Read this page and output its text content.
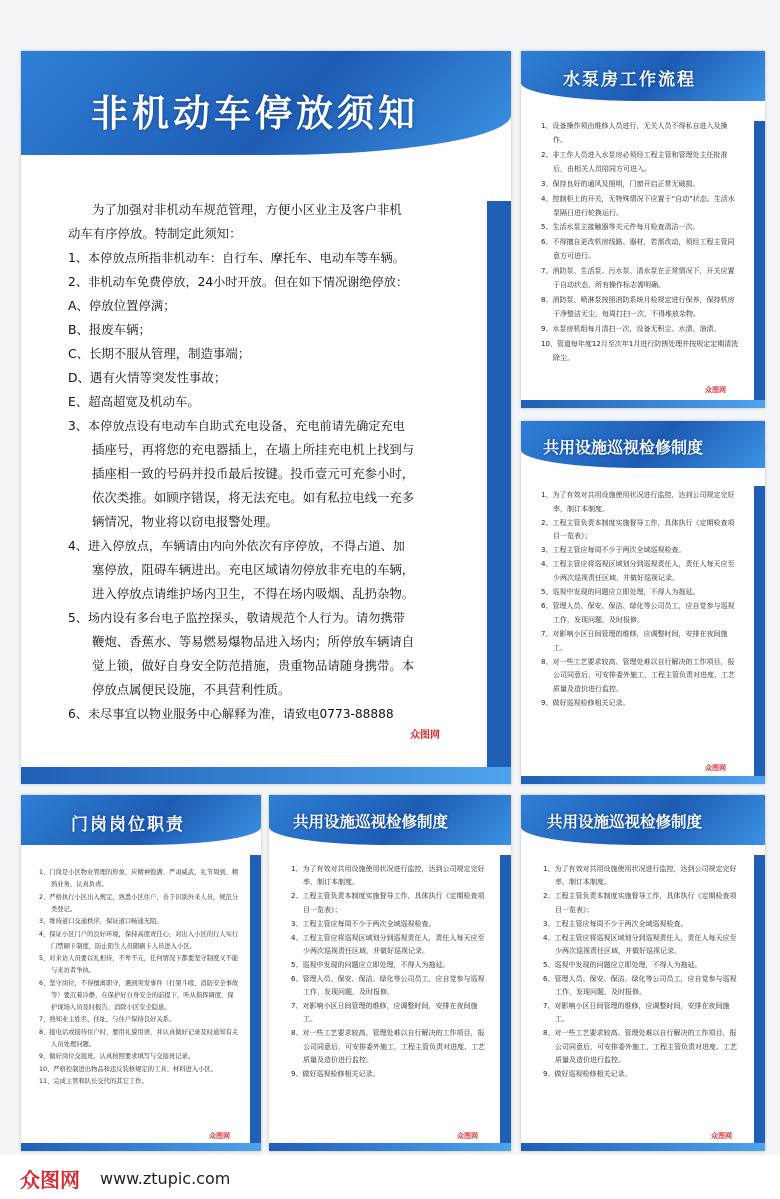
非机动车停放须知

为了加强对非机动车规范管理，方便小区业主及客户非机

动车有序停放。特制定此须知：

1、本停放点所指非机动车：自行车、摩托车、电动车等车辆。

2、非机动车免费停放，24小时开放。但在如下情况谢绝停放：

A、停放位置停满；

B、报废车辆；

C、长期不服从管理，制造事端；

D、遇有火情等突发性事故；

E、超高超宽及机动车。

3、本停放点设有电动车自助式充电设备，充电前请先确定充电

插座号，再将您的充电器插上，在墙上所挂充电机上找到与

插座相一致的号码并投币最后按键。投币壹元可充参小时，

依次类推。如顾序错误，将无法充电。如有私拉电线一充多

辆情况，物业将以窃电报警处理。

4、进入停放点，车辆请由内向外依次有序停放，不得占道、加

塞停放，阻碍车辆进出。充电区域请勿停放非充电的车辆，

进入停放点请维护场内卫生，不得在场内吸烟、乱扔杂物。

5、场内设有多台电子监控探头，敬请规范个人行为。请勿携带

鞭炮、香蕉水、等易燃易爆物品进入场内；所停放车辆请自

觉上锁，做好自身安全防范措施，贵重物品请随身携带。本

停放点属便民设施，不具营利性质。

6、未尽事宜以物业服务中心解释为准，请致电0773-88888

众图网
水泵房工作流程
1、设备操作须由维修人员进行，无关人员不得私自进入及操作。
2、非工作人员进入水泵房必须经工程主管和管理处主任批准后，由相关人员陪同方可进入。
3、保持良好的通风及照明，门窗开启正常无破损。
4、控制柜上的开关，无特殊情况下应置于“自动”状态。生活水泵隔日进行轮换运行。
5、生活水泵主接触器等关元件每月检查清洁一次。
6、不得擅自更改机房线路、器材，若需改动，须经工程主管同意方可进行。
7、消防泵、生活泵、污水泵、清水泵在正常情况下，开关应置于自动状态，所有操作标志需明确。
8、消防泵、喷淋泵按照消防系统月检规定进行保养，保持机房干净整洁无尘，每周打扫一次，不得堆放杂物。
9、水泵房机组每月清扫一次，设备无积尘、水渍、油渍。
10、管道每年度12月至次年1月进行防锈处理并按规定定期清洗除尘。
众图网
共用设施巡视检修制度
1、为了有效对共用设施使用状况进行监控，达到公司规定完好率，制订本制度。
2、工程主管负责本制度实施督导工作，具体执行《定期检查项目一览表》；
3、工程主管应每周不少于两次全域巡视检查。
4、工程主管应将巡视区域划分到巡视责任人，责任人每天应至少两次巡视责任区域，并做好巡视记录。
5、巡视中发现的问题应立即处理，不得人为拖延。
6、管理人员、保安、保洁、绿化等公司员工，应自觉参与巡视工作，发现问题，及时报修。
7、对影响小区日间管理的维修，应调整时间，安排在夜间施工。
8、对一些工艺要求较高、管理处难以自行解决的工作项目，报公司同意后，可安排委外施工，工程主管负责对进度、工艺质量及造价进行监控。
9、做好巡视检修相关记录。
众图网
门岗岗位职责
1、门岗是小区物业管理的形象，应精神饱满、严肃威武、礼节周到、精熟业务，认真负责。
2、严格执行小区出入规定，熟悉小区住户，善于识别外来人员，规范分类登记。
3、维持道口交通秩序，保证道口畅通无阻。
4、保证小区门户的良好环境，保持高度责任心，对出入小区的行人实行门禁刷卡制度，防止陌生人员随刷卡人员进入小区。
5、对来访人员要以礼相待，不卑不亢，任何情况下都要坚守制度又不能与来访者争执。
6、坚守岗位，不得擅离职守，遇到突发事件（打架斗殴、消防安全事故等）要沉着冷静，在保护好自身安全的前提下，听从指挥调度，保护现场人员及时报告、消除小区安全隐患。
7、熟知业主姓名、住址，与住户保持良好关系。
8、接电话或接待住户时，要用礼貌用语，并认真做好记录及时通知有关人员处理问题。
9、做好岗位交接班，认真按照要求填写与交接班记录。
10、严格控制进出物品和违反装修规定的工具、材料进入小区。
11、完成主管和队长交代的其它工作。
众图网
共用设施巡视检修制度
1、为了有效对共用设施使用状况进行监控，达到公司规定完好率，制订本制度。
2、工程主管负责本制度实施督导工作，具体执行《定期检查项目一览表》；
3、工程主管应每周不少于两次全域巡视检查。
4、工程主管应将巡视区域划分到巡视责任人，责任人每天应至少两次巡视责任区域，并做好巡视记录。
5、巡视中发现的问题应立即处理，不得人为拖延。
6、管理人员、保安、保洁、绿化等公司员工，应自觉参与巡视工作，发现问题，及时报修。
7、对影响小区日间管理的维修，应调整时间，安排在夜间施工。
8、对一些工艺要求较高、管理处难以自行解决的工作项目，报公司同意后，可安排委外施工，工程主管负责对进度、工艺质量及造价进行监控。
9、做好巡视检修相关记录。
众图网
共用设施巡视检修制度
1、为了有效对共用设施使用状况进行监控，达到公司规定完好率，制订本制度。
2、工程主管负责本制度实施督导工作，具体执行《定期检查项目一览表》；
3、工程主管应每周不少于两次全域巡视检查。
4、工程主管应将巡视区域划分到巡视责任人，责任人每天应至少两次巡视责任区域，并做好巡视记录。
5、巡视中发现的问题应立即处理，不得人为拖延。
6、管理人员、保安、保洁、绿化等公司员工，应自觉参与巡视工作，发现问题，及时报修。
7、对影响小区日间管理的维修，应调整时间，安排在夜间施工。
8、对一些工艺要求较高、管理处难以自行解决的工作项目，报公司同意后，可安排委外施工，工程主管负责对进度、工艺质量及造价进行监控。
9、做好巡视检修相关记录。
众图网
众图网 www.ztupic.com
